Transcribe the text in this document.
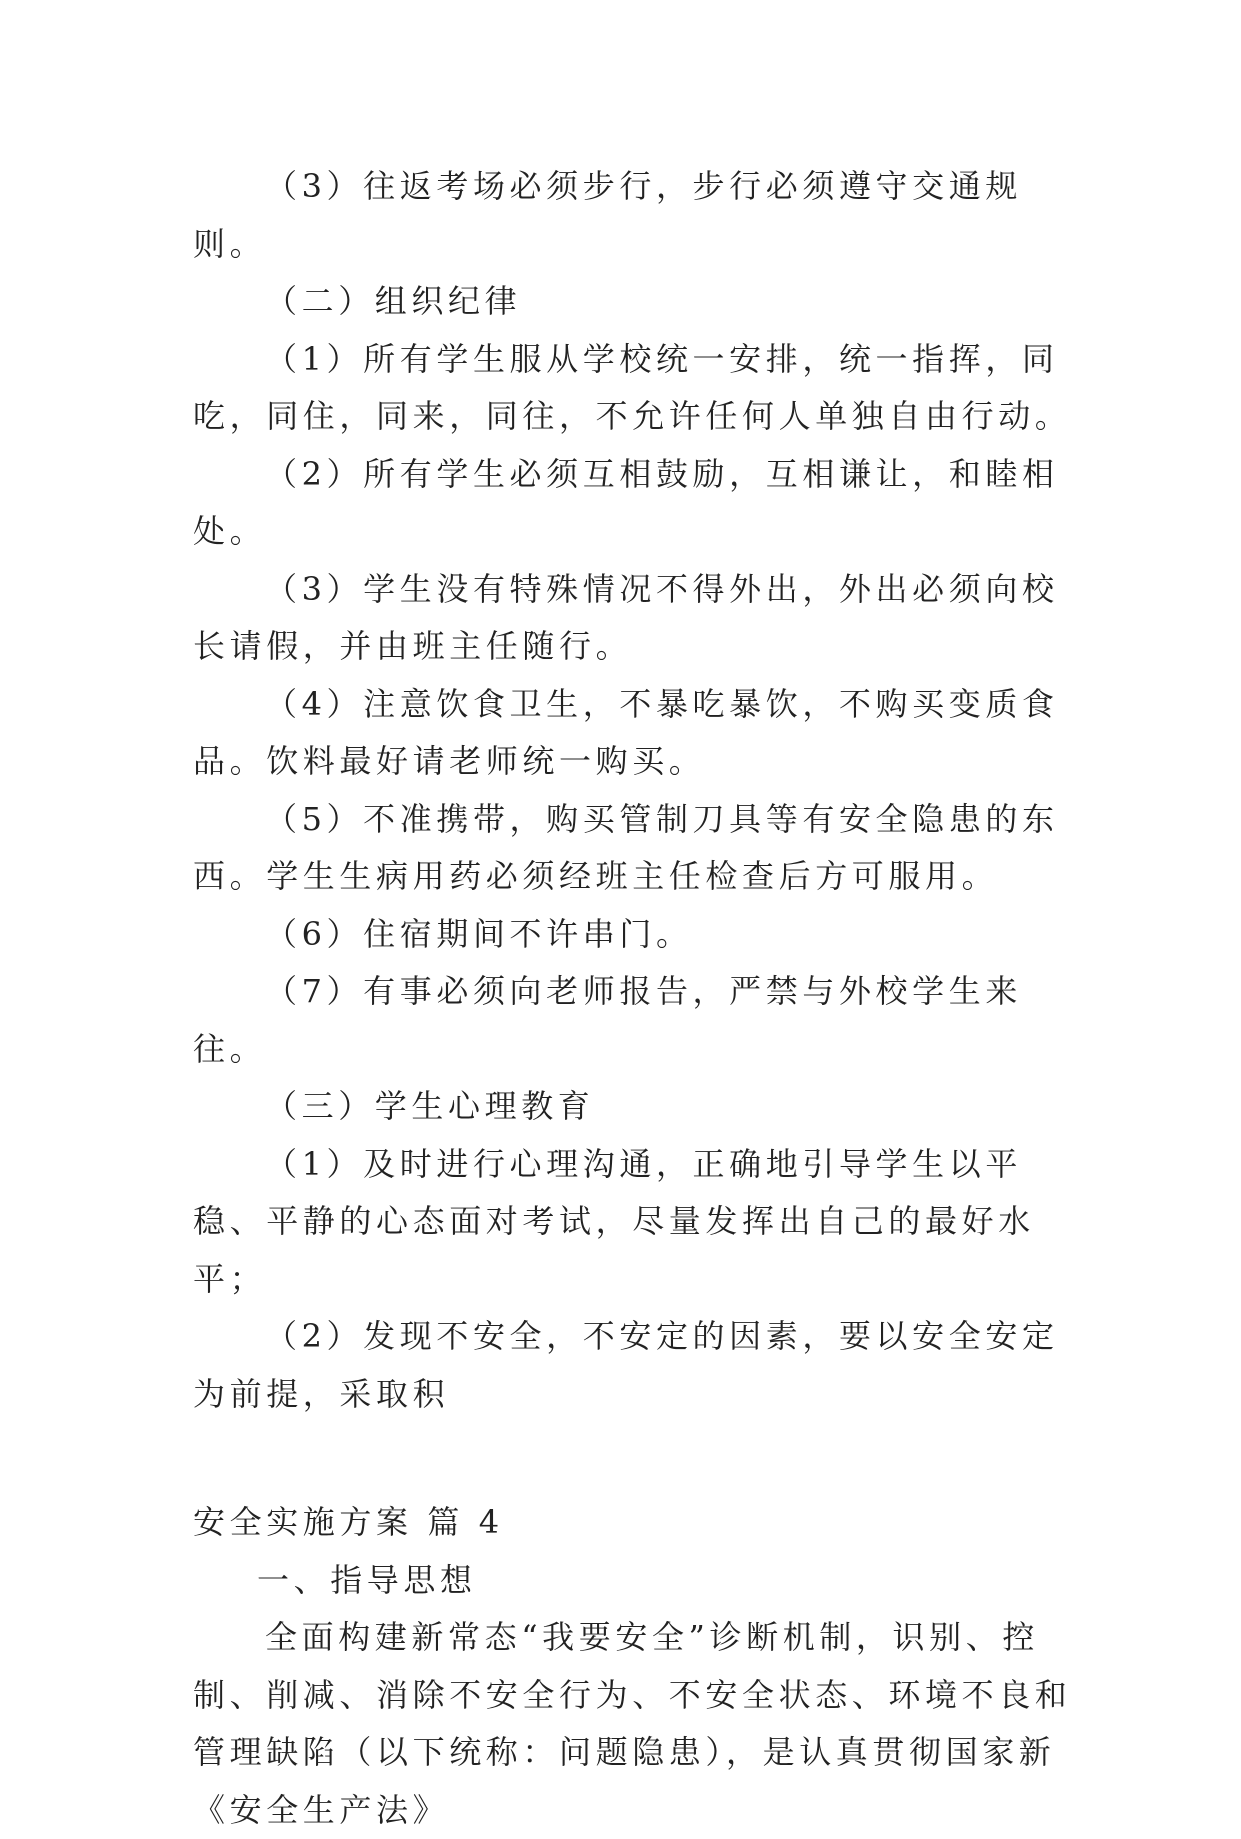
（3）往返考场必须步行，步行必须遵守交通规则。

（二）组织纪律

（1）所有学生服从学校统一安排，统一指挥，同吃，同住，同来，同往，不允许任何人单独自由行动。

（2）所有学生必须互相鼓励，互相谦让，和睦相处。

（3）学生没有特殊情况不得外出，外出必须向校长请假，并由班主任随行。

（4）注意饮食卫生，不暴吃暴饮，不购买变质食品。饮料最好请老师统一购买。

（5）不准携带，购买管制刀具等有安全隐患的东西。学生生病用药必须经班主任检查后方可服用。

（6）住宿期间不许串门。

（7）有事必须向老师报告，严禁与外校学生来往。

（三）学生心理教育

（1）及时进行心理沟通，正确地引导学生以平稳、平静的心态面对考试，尽量发挥出自己的最好水平；

（2）发现不安全，不安定的因素，要以安全安定为前提，采取积

安全实施方案 篇 4

一、指导思想

全面构建新常态“我要安全”诊断机制，识别、控制、削减、消除不安全行为、不安全状态、环境不良和管理缺陷（以下统称：问题隐患），是认真贯彻国家新《安全生产法》
